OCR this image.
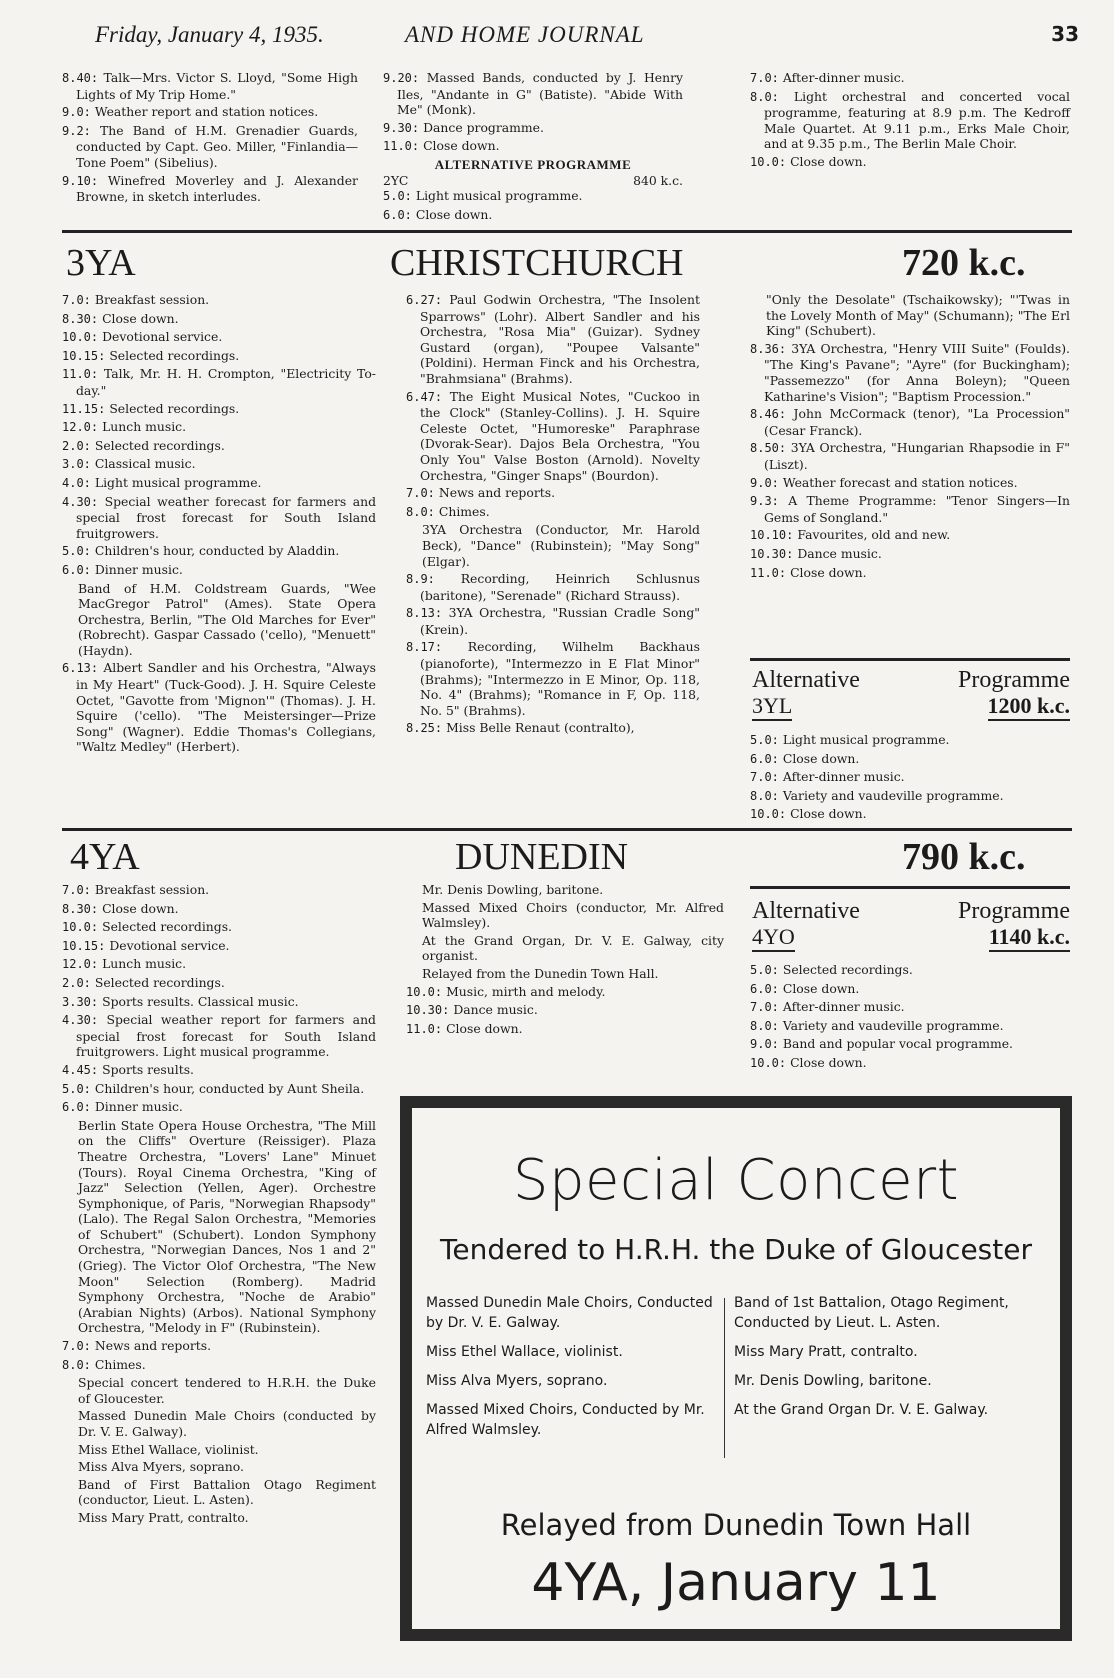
Friday, January 4, 1935.	AND HOME JOURNAL	33

8.40: Talk—Mrs. Victor S. Lloyd, "Some High Lights of My Trip Home."

9.0: Weather report and station notices.

9.2: The Band of H.M. Grenadier Guards, conducted by Capt. Geo. Miller, "Finlandia—Tone Poem" (Sibelius).

9.10: Winefred Moverley and J. Alexander Browne, in sketch interludes.

9.20: Massed Bands, conducted by J. Henry Iles, "Andante in G" (Batiste). "Abide With Me" (Monk).

9.30: Dance programme.

11.0: Close down.

ALTERNATIVE PROGRAMME
2YC	840 k.c.

5.0: Light musical programme.

6.0: Close down.

7.0: After-dinner music.

8.0: Light orchestral and concerted vocal programme, featuring at 8.9 p.m. The Kedroff Male Quartet. At 9.11 p.m., Erks Male Choir, and at 9.35 p.m., The Berlin Male Choir.

10.0: Close down.

3YA	CHRISTCHURCH	720 k.c.

7.0: Breakfast session.

8.30: Close down.

10.0: Devotional service.

10.15: Selected recordings.

11.0: Talk, Mr. H. H. Crompton, "Electricity To-day."

11.15: Selected recordings.

12.0: Lunch music.

2.0: Selected recordings.

3.0: Classical music.

4.0: Light musical programme.

4.30: Special weather forecast for farmers and special frost forecast for South Island fruitgrowers.

5.0: Children's hour, conducted by Aladdin.

6.0: Dinner music.

Band of H.M. Coldstream Guards, "Wee MacGregor Patrol" (Ames). State Opera Orchestra, Berlin, "The Old Marches for Ever" (Robrecht). Gaspar Cassado ('cello), "Menuett" (Haydn).

6.13: Albert Sandler and his Orchestra, "Always in My Heart" (Tuck-Good). J. H. Squire Celeste Octet, "Gavotte from 'Mignon'" (Thomas). J. H. Squire ('cello). "The Meistersinger—Prize Song" (Wagner). Eddie Thomas's Collegians, "Waltz Medley" (Herbert).

6.27: Paul Godwin Orchestra, "The Insolent Sparrows" (Lohr). Albert Sandler and his Orchestra, "Rosa Mia" (Guizar). Sydney Gustard (organ), "Poupee Valsante" (Poldini). Herman Finck and his Orchestra, "Brahmsiana" (Brahms).

6.47: The Eight Musical Notes, "Cuckoo in the Clock" (Stanley-Collins). J. H. Squire Celeste Octet, "Humoreske" Paraphrase (Dvorak-Sear). Dajos Bela Orchestra, "You Only You" Valse Boston (Arnold). Novelty Orchestra, "Ginger Snaps" (Bourdon).

7.0: News and reports.

8.0: Chimes.

3YA Orchestra (Conductor, Mr. Harold Beck), "Dance" (Rubinstein); "May Song" (Elgar).

8.9: Recording, Heinrich Schlusnus (baritone), "Serenade" (Richard Strauss).

8.13: 3YA Orchestra, "Russian Cradle Song" (Krein).

8.17: Recording, Wilhelm Backhaus (pianoforte), "Intermezzo in E Flat Minor" (Brahms); "Intermezzo in E Minor, Op. 118, No. 4" (Brahms); "Romance in F, Op. 118, No. 5" (Brahms).

8.25: Miss Belle Renaut (contralto),

"Only the Desolate" (Tschaikowsky); "'Twas in the Lovely Month of May" (Schumann); "The Erl King" (Schubert).

8.36: 3YA Orchestra, "Henry VIII Suite" (Foulds). "The King's Pavane"; "Ayre" (for Buckingham); "Passemezzo" (for Anna Boleyn); "Queen Katharine's Vision"; "Baptism Procession."

8.46: John McCormack (tenor), "La Procession" (Cesar Franck).

8.50: 3YA Orchestra, "Hungarian Rhapsodie in F" (Liszt).

9.0: Weather forecast and station notices.

9.3: A Theme Programme: "Tenor Singers—In Gems of Songland."

10.10: Favourites, old and new.

10.30: Dance music.

11.0: Close down.

Alternative	Programme
3YL	1200 k.c.

5.0: Light musical programme.

6.0: Close down.

7.0: After-dinner music.

8.0: Variety and vaudeville programme.

10.0: Close down.

4YA	DUNEDIN	790 k.c.

7.0: Breakfast session.

8.30: Close down.

10.0: Selected recordings.

10.15: Devotional service.

12.0: Lunch music.

2.0: Selected recordings.

3.30: Sports results. Classical music.

4.30: Special weather report for farmers and special frost forecast for South Island fruitgrowers. Light musical programme.

4.45: Sports results.

5.0: Children's hour, conducted by Aunt Sheila.

6.0: Dinner music.

Berlin State Opera House Orchestra, "The Mill on the Cliffs" Overture (Reissiger). Plaza Theatre Orchestra, "Lovers' Lane" Minuet (Tours). Royal Cinema Orchestra, "King of Jazz" Selection (Yellen, Ager). Orchestre Symphonique, of Paris, "Norwegian Rhapsody" (Lalo). The Regal Salon Orchestra, "Memories of Schubert" (Schubert). London Symphony Orchestra, "Norwegian Dances, Nos 1 and 2" (Grieg). The Victor Olof Orchestra, "The New Moon" Selection (Romberg). Madrid Symphony Orchestra, "Noche de Arabio" (Arabian Nights) (Arbos). National Symphony Orchestra, "Melody in F" (Rubinstein).

7.0: News and reports.

8.0: Chimes.

Special concert tendered to H.R.H. the Duke of Gloucester.

Massed Dunedin Male Choirs (conducted by Dr. V. E. Galway).

Miss Ethel Wallace, violinist.

Miss Alva Myers, soprano.

Band of First Battalion Otago Regiment (conductor, Lieut. L. Asten).

Miss Mary Pratt, contralto.

Mr. Denis Dowling, baritone.

Massed Mixed Choirs (conductor, Mr. Alfred Walmsley).

At the Grand Organ, Dr. V. E. Galway, city organist.

Relayed from the Dunedin Town Hall.

10.0: Music, mirth and melody.

10.30: Dance music.

11.0: Close down.

Alternative	Programme
4YO	1140 k.c.

5.0: Selected recordings.

6.0: Close down.

7.0: After-dinner music.

8.0: Variety and vaudeville programme.

9.0: Band and popular vocal programme.

10.0: Close down.

Special Concert
Tendered to H.R.H. the Duke of Gloucester

Massed Dunedin Male Choirs, Conducted by Dr. V. E. Galway.

Miss Ethel Wallace, violinist.

Miss Alva Myers, soprano.

Massed Mixed Choirs, Conducted by Mr. Alfred Walmsley.

Band of 1st Battalion, Otago Regiment, Conducted by Lieut. L. Asten.

Miss Mary Pratt, contralto.

Mr. Denis Dowling, baritone.

At the Grand Organ Dr. V. E. Galway.

Relayed from Dunedin Town Hall
4YA, January 11
